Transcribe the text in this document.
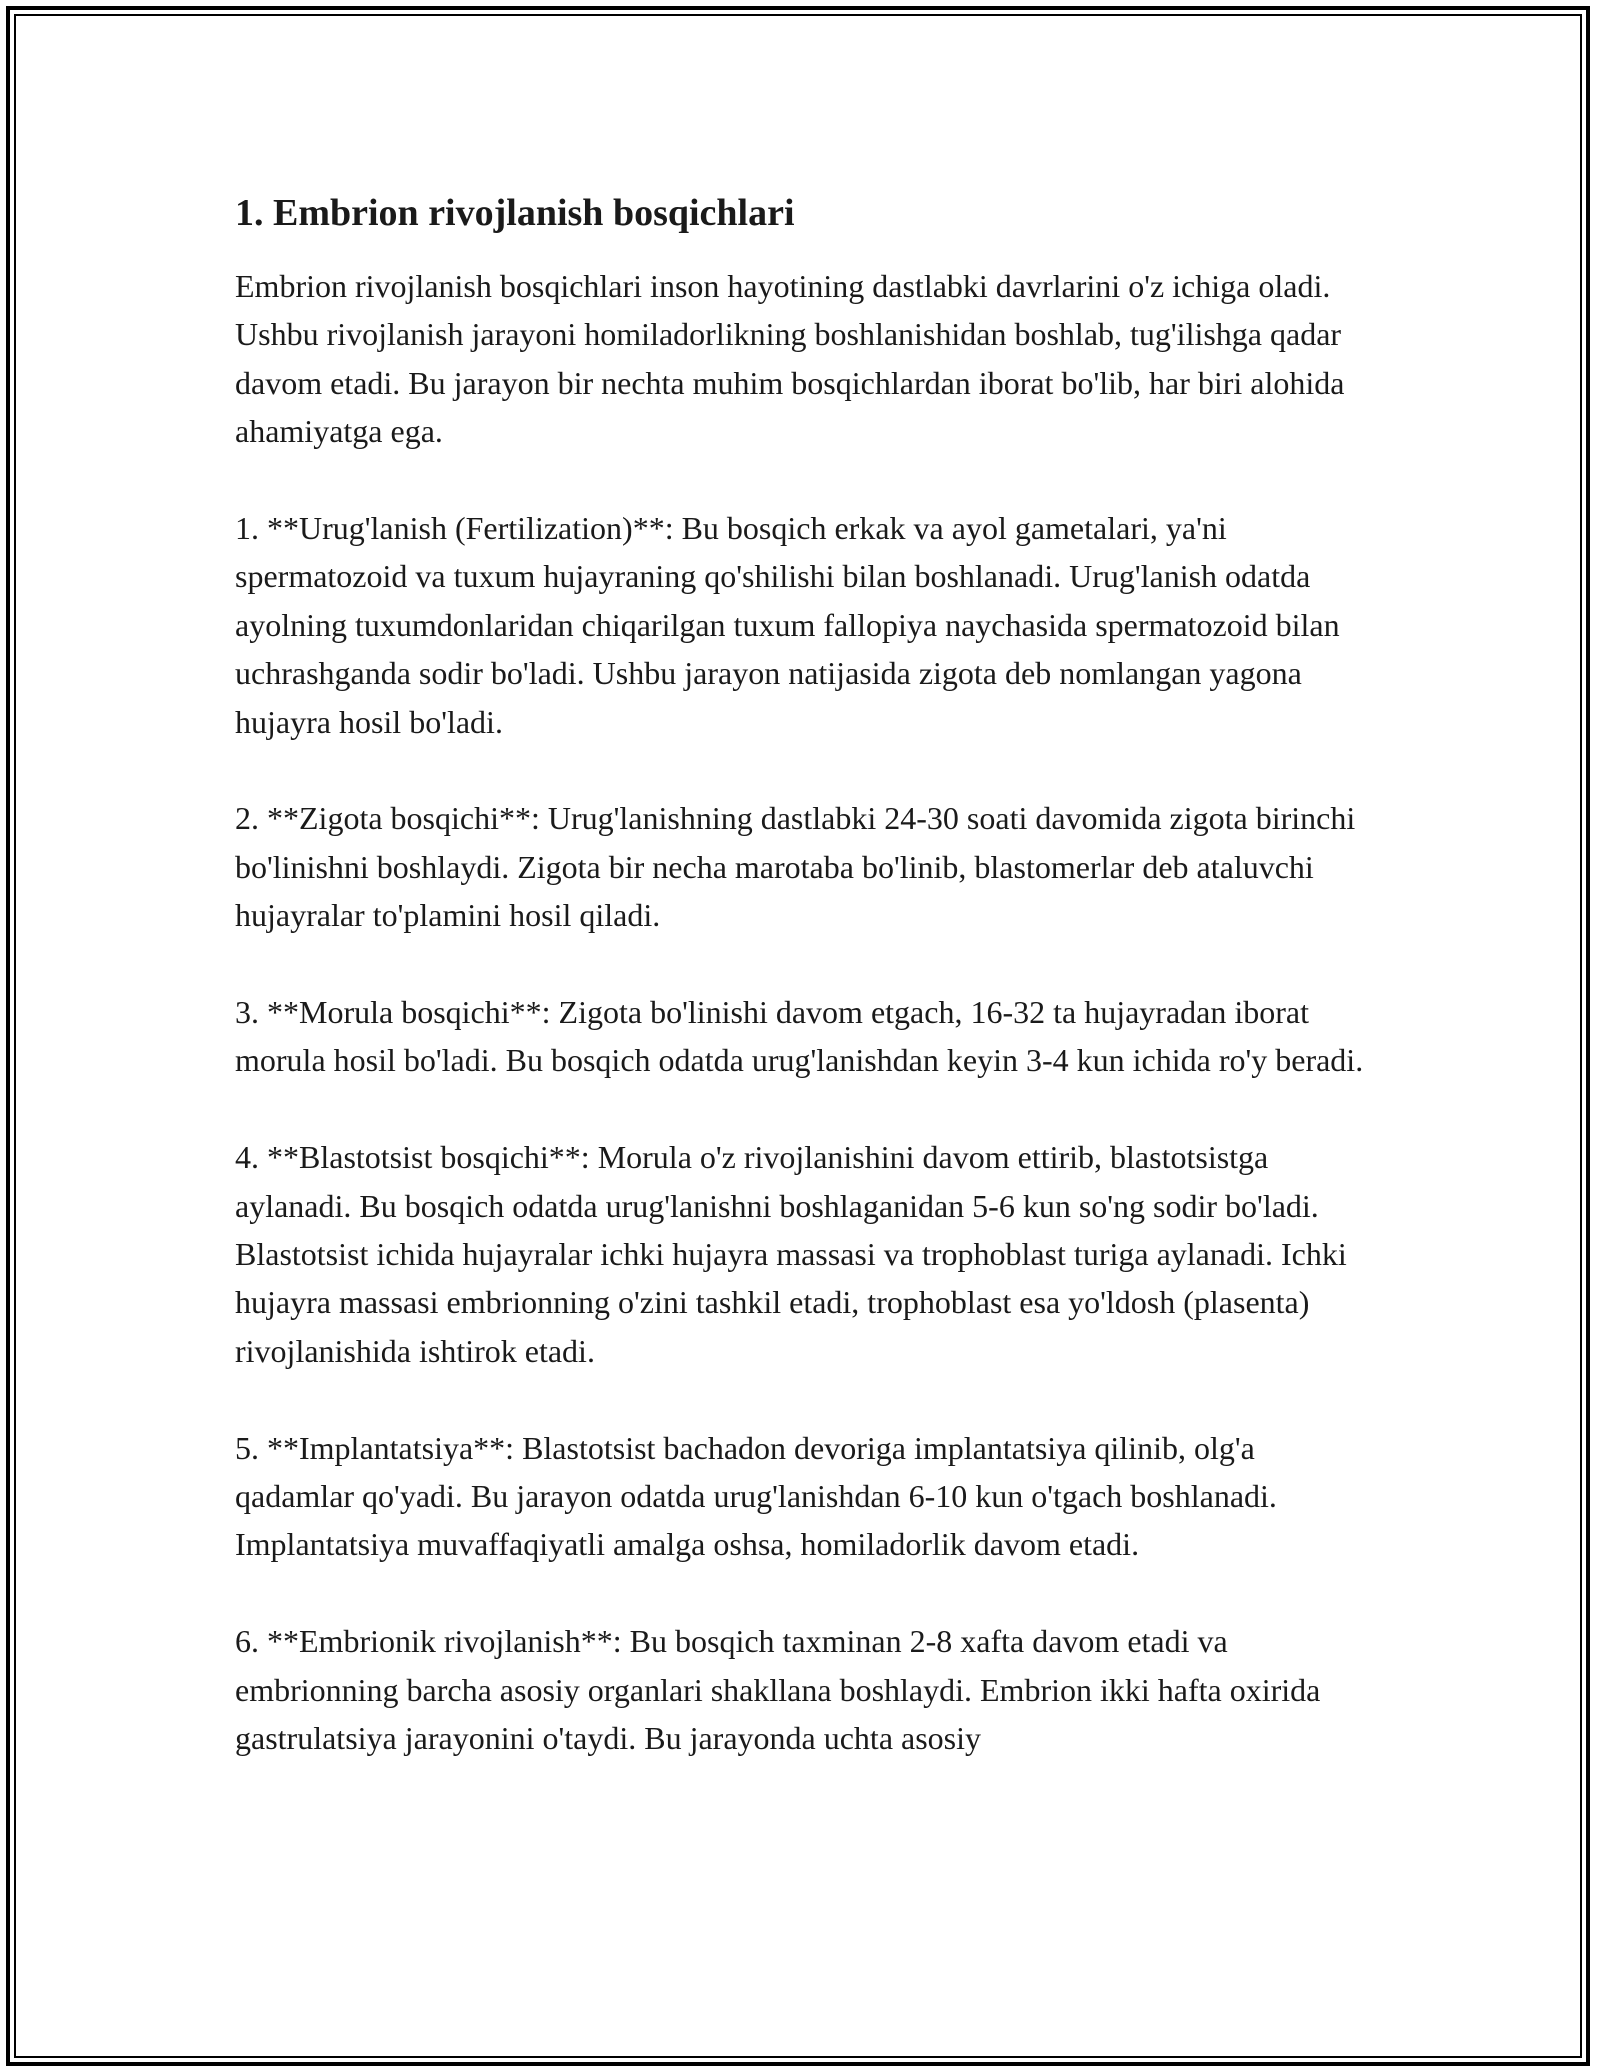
1. Embrion rivojlanish bosqichlari

Embrion rivojlanish bosqichlari inson hayotining dastlabki davrlarini o'z ichiga oladi. Ushbu rivojlanish jarayoni homiladorlikning boshlanishidan boshlab, tug'ilishga qadar davom etadi. Bu jarayon bir nechta muhim bosqichlardan iborat bo'lib, har biri alohida ahamiyatga ega.

1. **Urug'lanish (Fertilization)**: Bu bosqich erkak va ayol gametalari, ya'ni spermatozoid va tuxum hujayraning qo'shilishi bilan boshlanadi. Urug'lanish odatda ayolning tuxumdonlaridan chiqarilgan tuxum fallopiya naychasida spermatozoid bilan uchrashganda sodir bo'ladi. Ushbu jarayon natijasida zigota deb nomlangan yagona hujayra hosil bo'ladi.

2. **Zigota bosqichi**: Urug'lanishning dastlabki 24-30 soati davomida zigota birinchi bo'linishni boshlaydi. Zigota bir necha marotaba bo'linib, blastomerlar deb ataluvchi hujayralar to'plamini hosil qiladi.

3. **Morula bosqichi**: Zigota bo'linishi davom etgach, 16-32 ta hujayradan iborat morula hosil bo'ladi. Bu bosqich odatda urug'lanishdan keyin 3-4 kun ichida ro'y beradi.

4. **Blastotsist bosqichi**: Morula o'z rivojlanishini davom ettirib, blastotsistga aylanadi. Bu bosqich odatda urug'lanishni boshlaganidan 5-6 kun so'ng sodir bo'ladi. Blastotsist ichida hujayralar ichki hujayra massasi va trophoblast turiga aylanadi. Ichki hujayra massasi embrionning o'zini tashkil etadi, trophoblast esa yo'ldosh (plasenta) rivojlanishida ishtirok etadi.

5. **Implantatsiya**: Blastotsist bachadon devoriga implantatsiya qilinib, olg'a qadamlar qo'yadi. Bu jarayon odatda urug'lanishdan 6-10 kun o'tgach boshlanadi. Implantatsiya muvaffaqiyatli amalga oshsa, homiladorlik davom etadi.

6. **Embrionik rivojlanish**: Bu bosqich taxminan 2-8 xafta davom etadi va embrionning barcha asosiy organlari shakllana boshlaydi. Embrion ikki hafta oxirida gastrulatsiya jarayonini o'taydi. Bu jarayonda uchta asosiy
